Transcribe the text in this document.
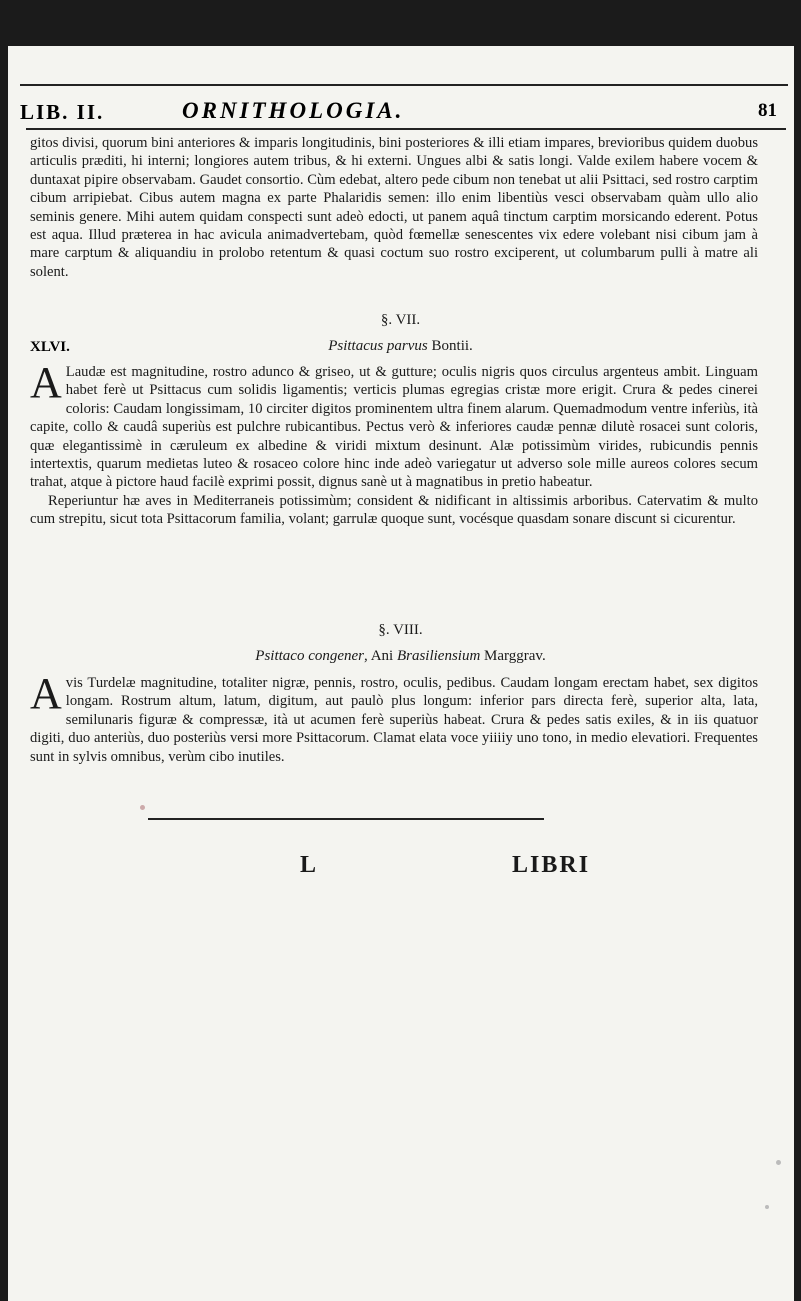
LIB. II.	ORNITHOLOGIA.	81

gitos divisi, quorum bini anteriores & imparis longitudinis, bini posteriores & illi etiam impares, brevioribus quidem duobus articulis præditi, hi interni; longiores autem tribus, & hi externi. Ungues albi & satis longi. Valde exilem habere vocem & duntaxat pipire observabam. Gaudet consortio. Cùm edebat, altero pede cibum non tenebat ut alii Psittaci, sed rostro carptim cibum arripiebat. Cibus autem magna ex parte Phalaridis semen: illo enim libentiùs vesci observabam quàm ullo alio seminis genere. Mihi autem quidam conspecti sunt adeò edocti, ut panem aquâ tinctum carptim morsicando ederent. Potus est aqua. Illud præterea in hac avicula animadvertebam, quòd fœmellæ senescentes vix edere volebant nisi cibum jam à mare carptum & aliquandiu in prolobo retentum & quasi coctum suo rostro exciperent, ut columbarum pulli à matre ali solent.

§. VII.
XLVI.	Psittacus parvus Bontii.
A Laudæ est magnitudine, rostro adunco & griseo, ut & gutture; oculis nigris quos circulus argenteus ambit. Linguam habet ferè ut Psittacus cum solidis ligamentis; verticis plumas egregias cristæ more erigit. Crura & pedes cinerei coloris: Caudam longissimam, 10 circiter digitos prominentem ultra finem alarum. Quemadmodum ventre inferiùs, ità capite, collo & caudâ superiùs est pulchre rubicantibus. Pectus verò & inferiores caudæ pennæ dilutè rosacei sunt coloris, quæ elegantissimè in cæruleum ex albedine & viridi mixtum desinunt. Alæ potissimùm virides, rubicundis pennis intertextis, quarum medietas luteo & rosaceo colore hinc inde adeò variegatur ut adverso sole mille aureos colores secum trahat, atque à pictore haud facilè exprimi possit, dignus sanè ut à magnatibus in pretio habeatur.
Reperiuntur hæ aves in Mediterraneis potissimùm; consident & nidificant in altissimis arboribus. Catervatim & multo cum strepitu, sicut tota Psittacorum familia, volant; garrulæ quoque sunt, vocésque quasdam sonare discunt si cicurentur.
§. VIII.
Psittaco congener, Ani Brasiliensium Marggrav.
Avis Turdelæ magnitudine, totaliter nigræ, pennis, rostro, oculis, pedibus. Caudam longam erectam habet, sex digitos longam. Rostrum altum, latum, digitum, aut paulò plus longum: inferior pars directa ferè, superior alta, lata, semilunaris figuræ & compressæ, ità ut acumen ferè superiùs habeat. Crura & pedes satis exiles, & in iis quatuor digiti, duo anteriùs, duo posteriùs versi more Psittacorum. Clamat elata voce yiiiiy uno tono, in medio elevatiori. Frequentes sunt in sylvis omnibus, verùm cibo inutiles.
L	LIBRI
